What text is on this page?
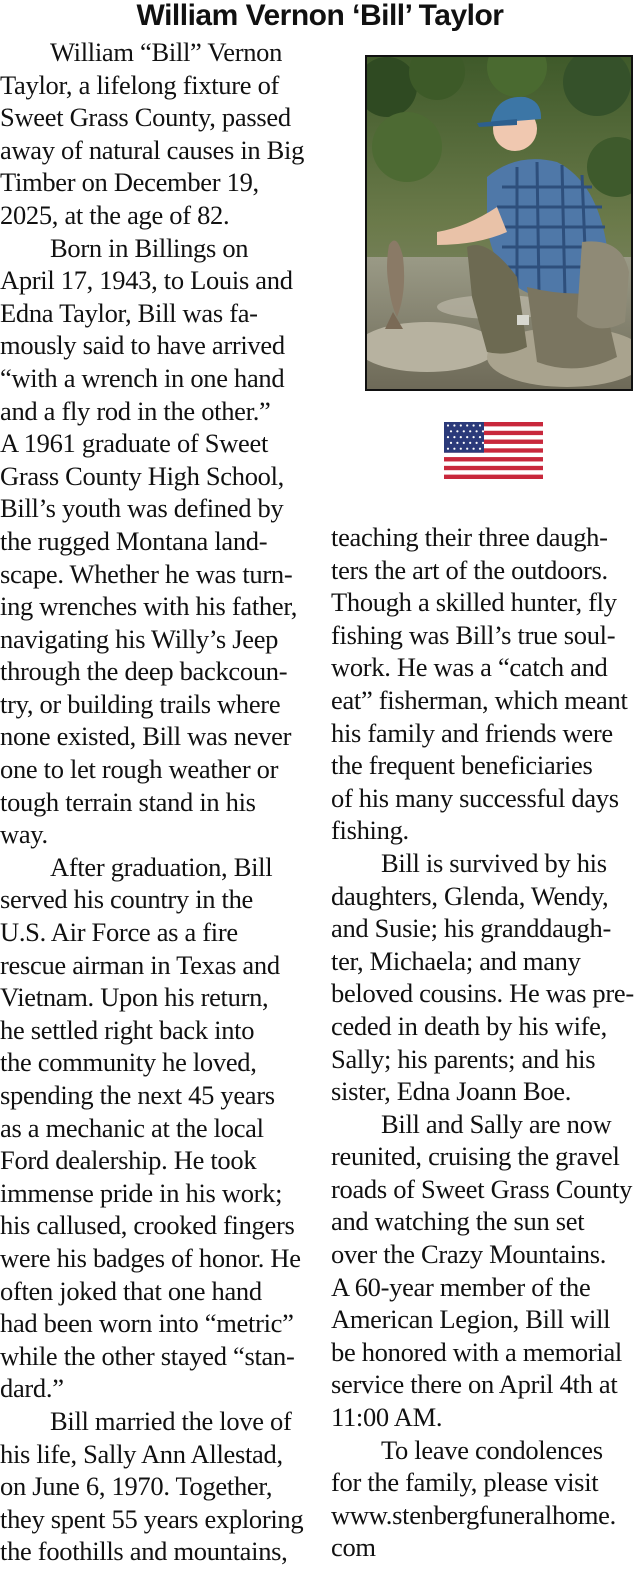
William Vernon ‘Bill’ Taylor
William “Bill” Vernon
Taylor, a lifelong fixture of
Sweet Grass County, passed
away of natural causes in Big
Timber on December 19,
2025, at the age of 82.
Born in Billings on
April 17, 1943, to Louis and
Edna Taylor, Bill was fa-
mously said to have arrived
“with a wrench in one hand
and a fly rod in the other.”
A 1961 graduate of Sweet
Grass County High School,
Bill’s youth was defined by
the rugged Montana land-
scape. Whether he was turn-
ing wrenches with his father,
navigating his Willy’s Jeep
through the deep backcoun-
try, or building trails where
none existed, Bill was never
one to let rough weather or
tough terrain stand in his
way.
After graduation, Bill
served his country in the
U.S. Air Force as a fire
rescue airman in Texas and
Vietnam. Upon his return,
he settled right back into
the community he loved,
spending the next 45 years
as a mechanic at the local
Ford dealership. He took
immense pride in his work;
his callused, crooked fingers
were his badges of honor. He
often joked that one hand
had been worn into “metric”
while the other stayed “stan-
dard.”
Bill married the love of
his life, Sally Ann Allestad,
on June 6, 1970. Together,
they spent 55 years exploring
the foothills and mountains,
teaching their three daugh-
ters the art of the outdoors.
Though a skilled hunter, fly
fishing was Bill’s true soul-
work. He was a “catch and
eat” fisherman, which meant
his family and friends were
the frequent beneficiaries
of his many successful days
fishing.
Bill is survived by his
daughters, Glenda, Wendy,
and Susie; his granddaugh-
ter, Michaela; and many
beloved cousins. He was pre-
ceded in death by his wife,
Sally; his parents; and his
sister, Edna Joann Boe.
Bill and Sally are now
reunited, cruising the gravel
roads of Sweet Grass County
and watching the sun set
over the Crazy Mountains.
A 60-year member of the
American Legion, Bill will
be honored with a memorial
service there on April 4th at
11:00 AM.
To leave condolences
for the family, please visit
www.stenbergfuneralhome.
com
